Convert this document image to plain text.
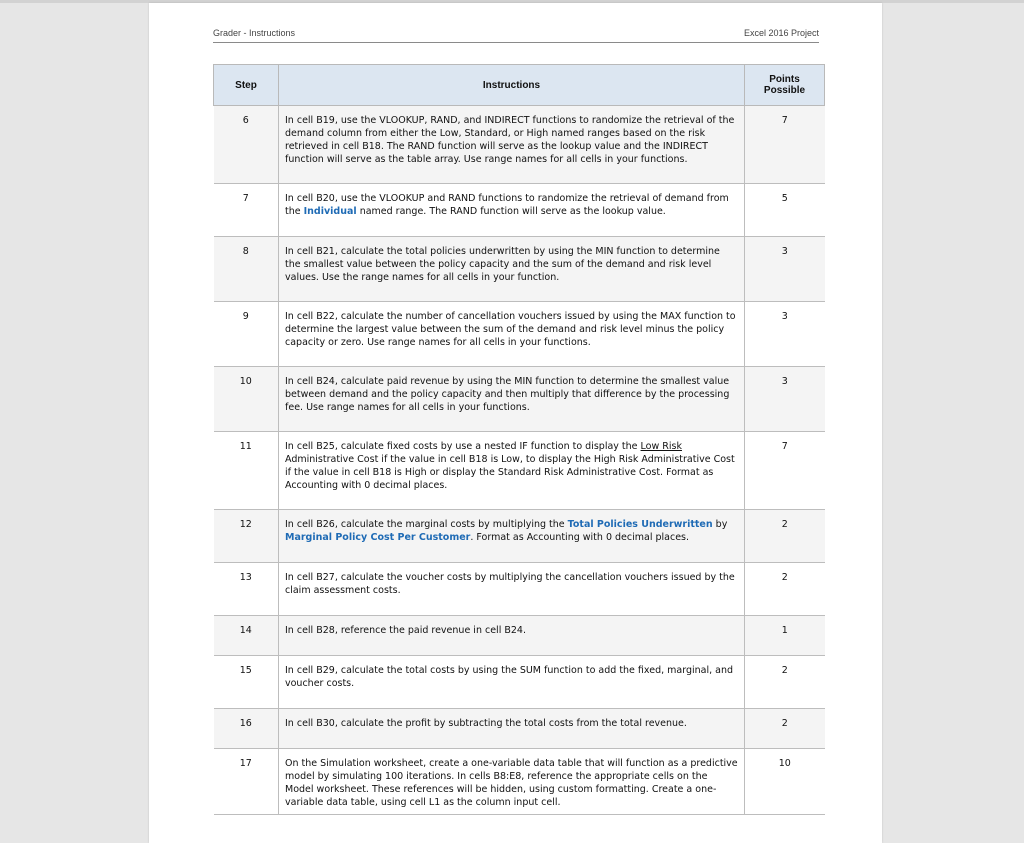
Grader - Instructions	Excel 2016 Project
Step	Instructions	Points
Possible
6	In cell B19, use the VLOOKUP, RAND, and INDIRECT functions to randomize the retrieval of the demand column from either the Low, Standard, or High named ranges based on the risk retrieved in cell B18. The RAND function will serve as the lookup value and the INDIRECT function will serve as the table array. Use range names for all cells in your functions.	7
7	In cell B20, use the VLOOKUP and RAND functions to randomize the retrieval of demand from the Individual named range. The RAND function will serve as the lookup value.	5
8	In cell B21, calculate the total policies underwritten by using the MIN function to determine the smallest value between the policy capacity and the sum of the demand and risk level values. Use the range names for all cells in your function.	3
9	In cell B22, calculate the number of cancellation vouchers issued by using the MAX function to determine the largest value between the sum of the demand and risk level minus the policy capacity or zero. Use range names for all cells in your functions.	3
10	In cell B24, calculate paid revenue by using the MIN function to determine the smallest value between demand and the policy capacity and then multiply that difference by the processing fee. Use range names for all cells in your functions.	3
11	In cell B25, calculate fixed costs by use a nested IF function to display the Low Risk Administrative Cost if the value in cell B18 is Low, to display the High Risk Administrative Cost if the value in cell B18 is High or display the Standard Risk Administrative Cost. Format as Accounting with 0 decimal places.	7
12	In cell B26, calculate the marginal costs by multiplying the Total Policies Underwritten by Marginal Policy Cost Per Customer. Format as Accounting with 0 decimal places.	2
13	In cell B27, calculate the voucher costs by multiplying the cancellation vouchers issued by the claim assessment costs.	2
14	In cell B28, reference the paid revenue in cell B24.	1
15	In cell B29, calculate the total costs by using the SUM function to add the fixed, marginal, and voucher costs.	2
16	In cell B30, calculate the profit by subtracting the total costs from the total revenue.	2
17	On the Simulation worksheet, create a one-variable data table that will function as a predictive model by simulating 100 iterations. In cells B8:E8, reference the appropriate cells on the Model worksheet. These references will be hidden, using custom formatting. Create a one-variable data table, using cell L1 as the column input cell.	10
